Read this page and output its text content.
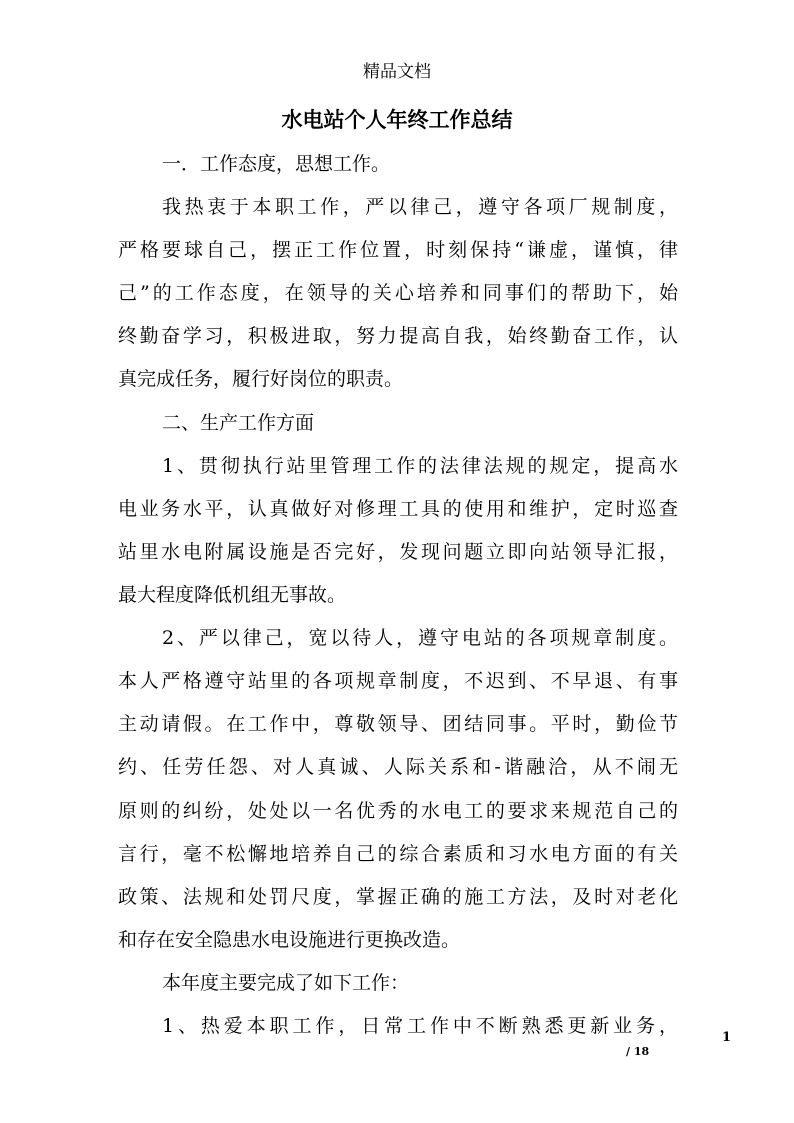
精品文档
水电站个人年终工作总结
一．工作态度，思想工作。
我热衷于本职工作，严以律己，遵守各项厂规制度，
严格要球自己，摆正工作位置，时刻保持“谦虚，谨慎，律
己”的工作态度，在领导的关心培养和同事们的帮助下，始
终勤奋学习，积极进取，努力提高自我，始终勤奋工作，认
真完成任务，履行好岗位的职责。
二、生产工作方面
1、贯彻执行站里管理工作的法律法规的规定，提高水
电业务水平，认真做好对修理工具的使用和维护，定时巡查
站里水电附属设施是否完好，发现问题立即向站领导汇报，
最大程度降低机组无事故。
2、严以律己，宽以待人，遵守电站的各项规章制度。
本人严格遵守站里的各项规章制度，不迟到、不早退、有事
主动请假。在工作中，尊敬领导、团结同事。平时，勤俭节
约、任劳任怨、对人真诚、人际关系和-谐融洽，从不闹无
原则的纠纷，处处以一名优秀的水电工的要求来规范自己的
言行，毫不松懈地培养自己的综合素质和习水电方面的有关
政策、法规和处罚尺度，掌握正确的施工方法，及时对老化
和存在安全隐患水电设施进行更换改造。
本年度主要完成了如下工作：
1、热爱本职工作，日常工作中不断熟悉更新业务，
1
/ 18
